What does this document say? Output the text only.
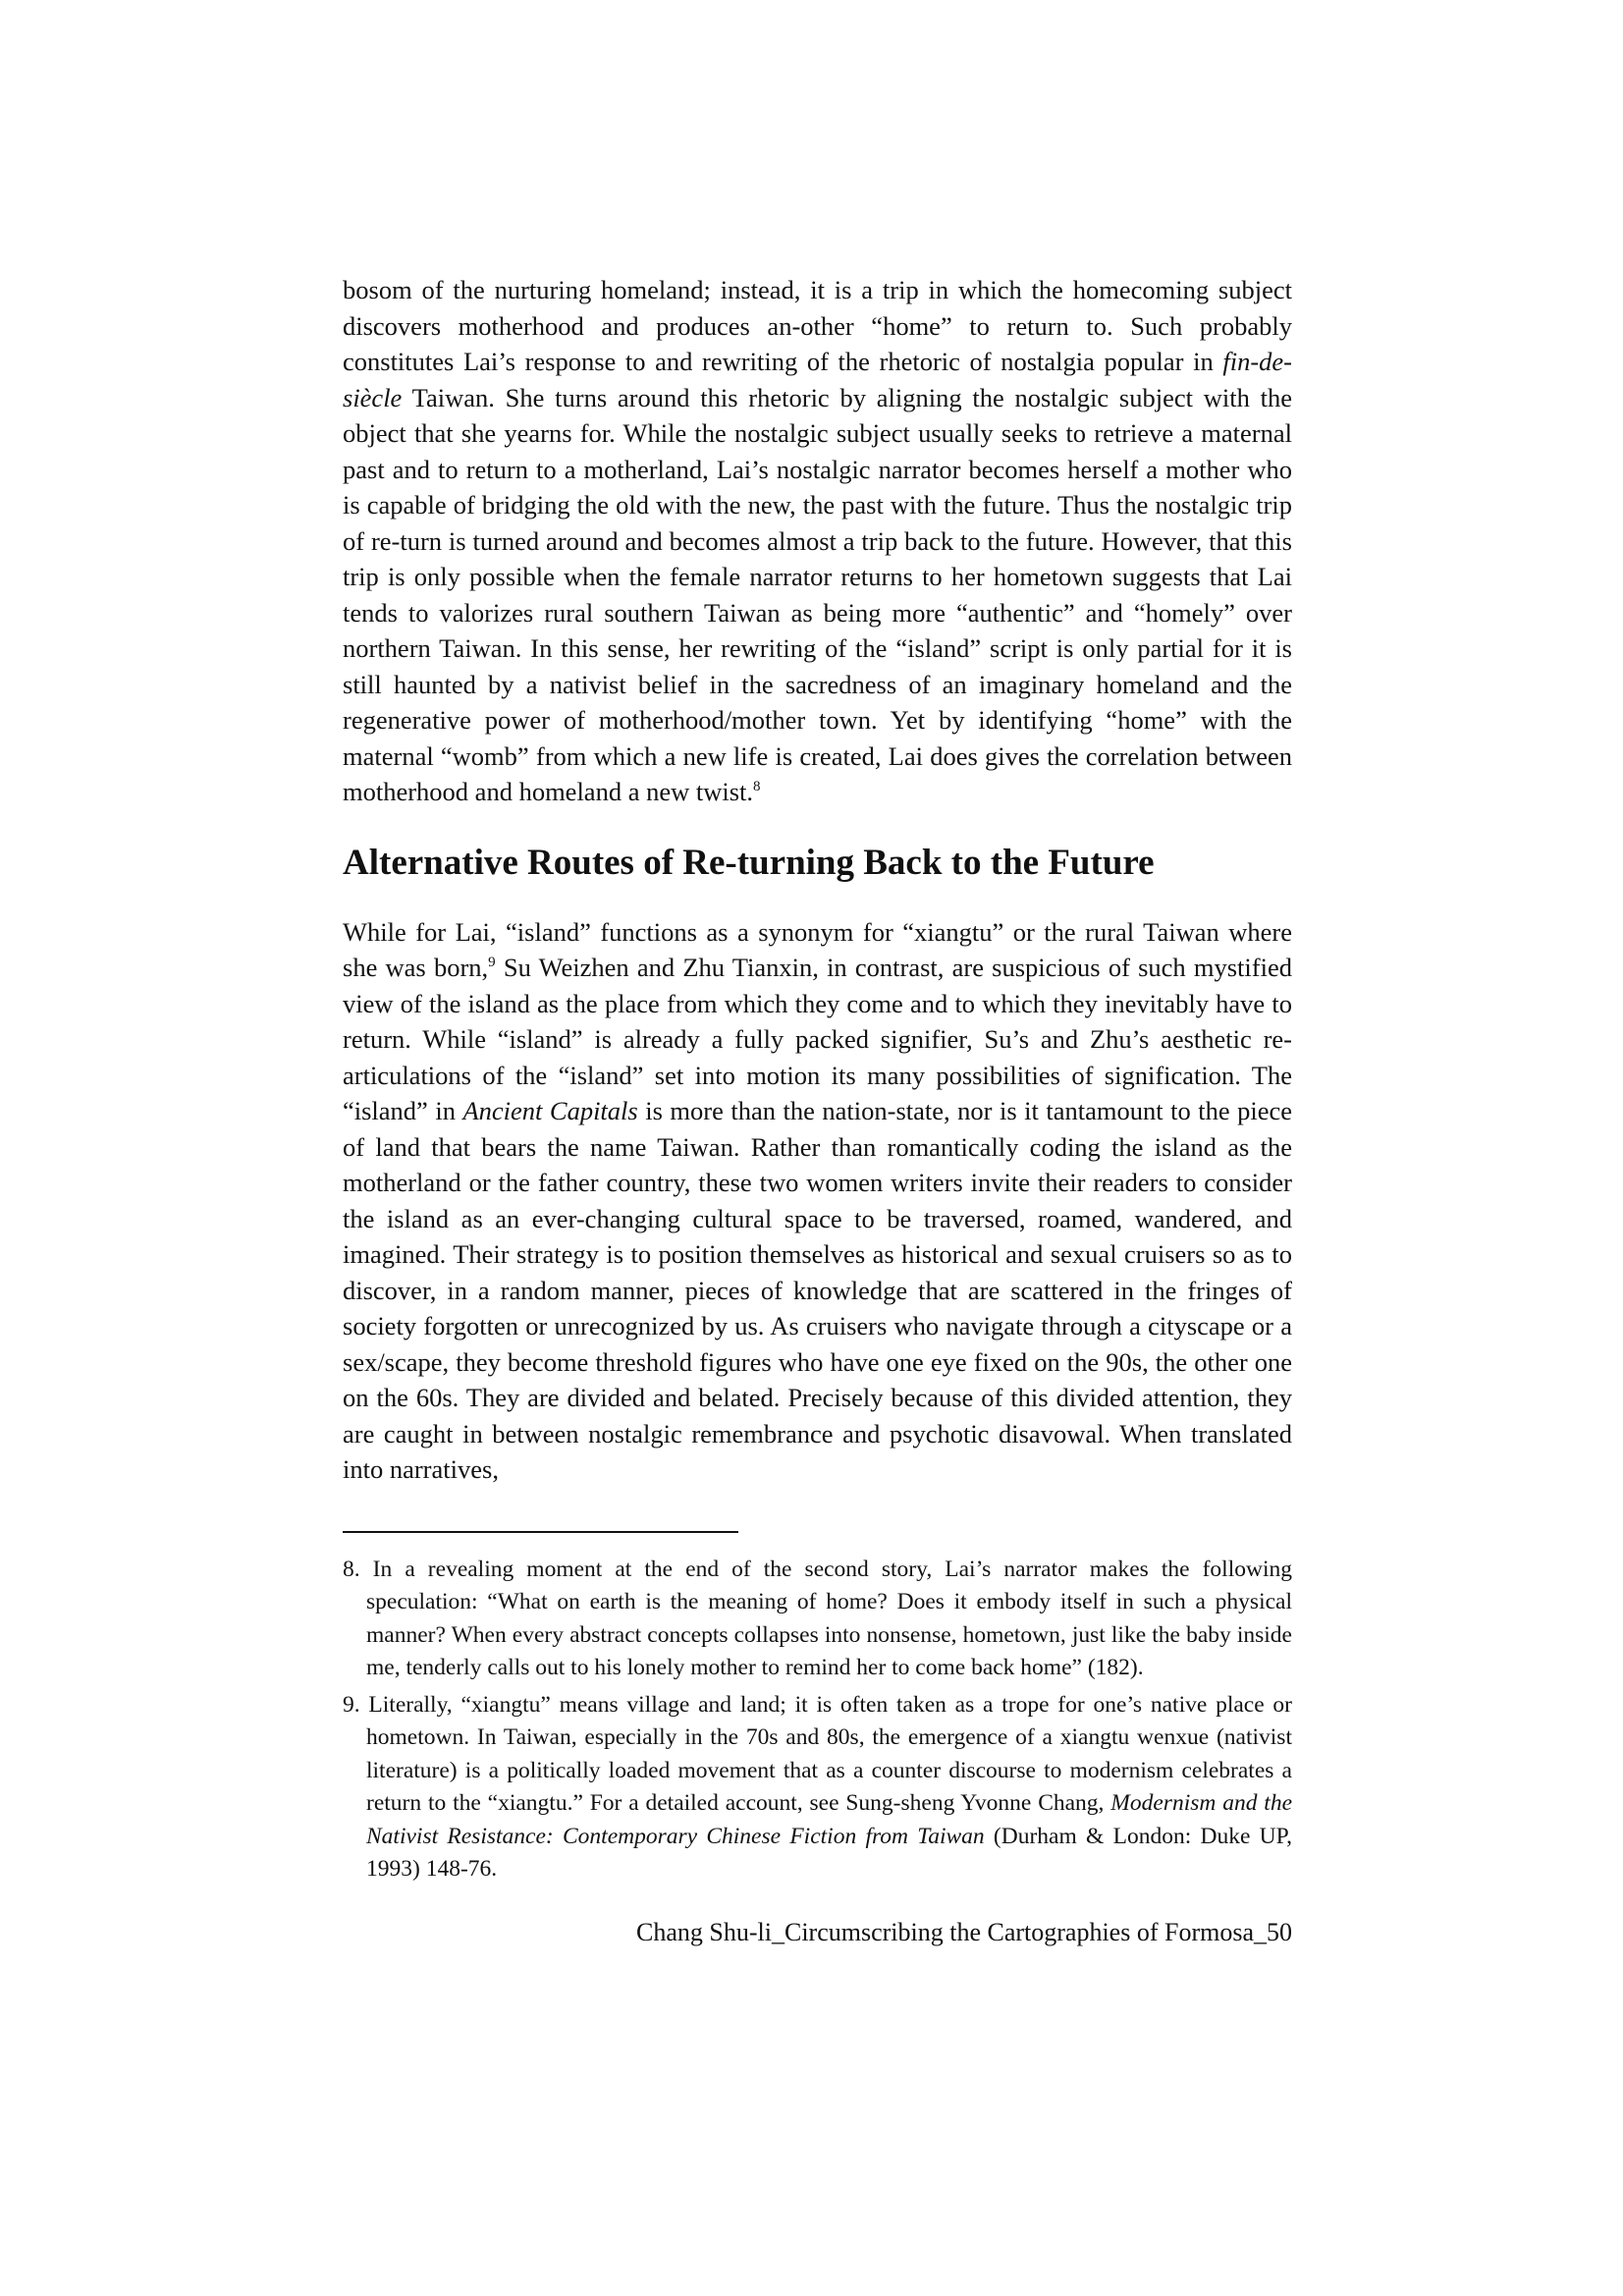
bosom of the nurturing homeland; instead, it is a trip in which the homecoming subject discovers motherhood and produces an-other “home” to return to. Such probably constitutes Lai’s response to and rewriting of the rhetoric of nostalgia popular in fin-de-siècle Taiwan. She turns around this rhetoric by aligning the nostalgic subject with the object that she yearns for. While the nostalgic subject usually seeks to retrieve a maternal past and to return to a motherland, Lai’s nostalgic narrator becomes herself a mother who is capable of bridging the old with the new, the past with the future. Thus the nostalgic trip of re-turn is turned around and becomes almost a trip back to the future. However, that this trip is only possible when the female narrator returns to her hometown suggests that Lai tends to valorizes rural southern Taiwan as being more “authentic” and “homely” over northern Taiwan. In this sense, her rewriting of the “island” script is only partial for it is still haunted by a nativist belief in the sacredness of an imaginary homeland and the regenerative power of motherhood/mother town. Yet by identifying “home” with the maternal “womb” from which a new life is created, Lai does gives the correlation between motherhood and homeland a new twist.$^8$

Alternative Routes of Re-turning Back to the Future

While for Lai, “island” functions as a synonym for “xiangtu” or the rural Taiwan where she was born,$^9$ Su Weizhen and Zhu Tianxin, in contrast, are suspicious of such mystified view of the island as the place from which they come and to which they inevitably have to return. While “island” is already a fully packed signifier, Su’s and Zhu’s aesthetic re-articulations of the “island” set into motion its many possibilities of signification. The “island” in Ancient Capitals is more than the nation-state, nor is it tantamount to the piece of land that bears the name Taiwan. Rather than romantically coding the island as the motherland or the father country, these two women writers invite their readers to consider the island as an ever-changing cultural space to be traversed, roamed, wandered, and imagined. Their strategy is to position themselves as historical and sexual cruisers so as to discover, in a random manner, pieces of knowledge that are scattered in the fringes of society forgotten or unrecognized by us. As cruisers who navigate through a cityscape or a sex/scape, they become threshold figures who have one eye fixed on the 90s, the other one on the 60s. They are divided and belated. Precisely because of this divided attention, they are caught in between nostalgic remembrance and psychotic disavowal. When translated into narratives,

8. In a revealing moment at the end of the second story, Lai’s narrator makes the following speculation: “What on earth is the meaning of home? Does it embody itself in such a physical manner? When every abstract concepts collapses into nonsense, hometown, just like the baby inside me, tenderly calls out to his lonely mother to remind her to come back home” (182).

9. Literally, “xiangtu” means village and land; it is often taken as a trope for one’s native place or hometown. In Taiwan, especially in the 70s and 80s, the emergence of a xiangtu wenxue (nativist literature) is a politically loaded movement that as a counter discourse to modernism celebrates a return to the “xiangtu.” For a detailed account, see Sung-sheng Yvonne Chang, Modernism and the Nativist Resistance: Contemporary Chinese Fiction from Taiwan (Durham & London: Duke UP, 1993) 148-76.

Chang Shu-li_Circumscribing the Cartographies of Formosa_50
